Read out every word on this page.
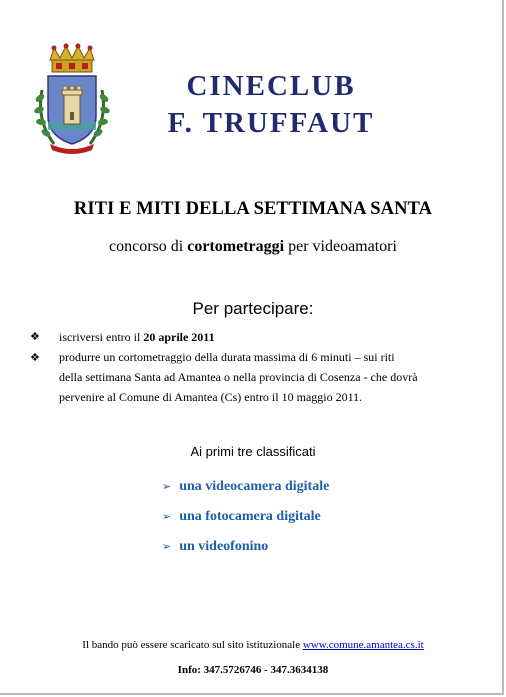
CINECLUB
F. TRUFFAUT
RITI E MITI DELLA SETTIMANA SANTA
concorso di cortometraggi per videoamatori
Per partecipare:
❖ iscriversi entro il 20 aprile 2011
❖ produrre un cortometraggio della durata massima di 6 minuti – sui riti
della settimana Santa ad Amantea o nella provincia di Cosenza - che dovrà
pervenire al Comune di Amantea (Cs) entro il 10 maggio 2011.
Ai primi tre classificati
➢ una videocamera digitale
➢ una fotocamera digitale
➢ un videofonino
Il bando può essere scaricato sul sito istituzionale www.comune.amantea.cs.it
Info: 347.5726746 - 347.3634138
